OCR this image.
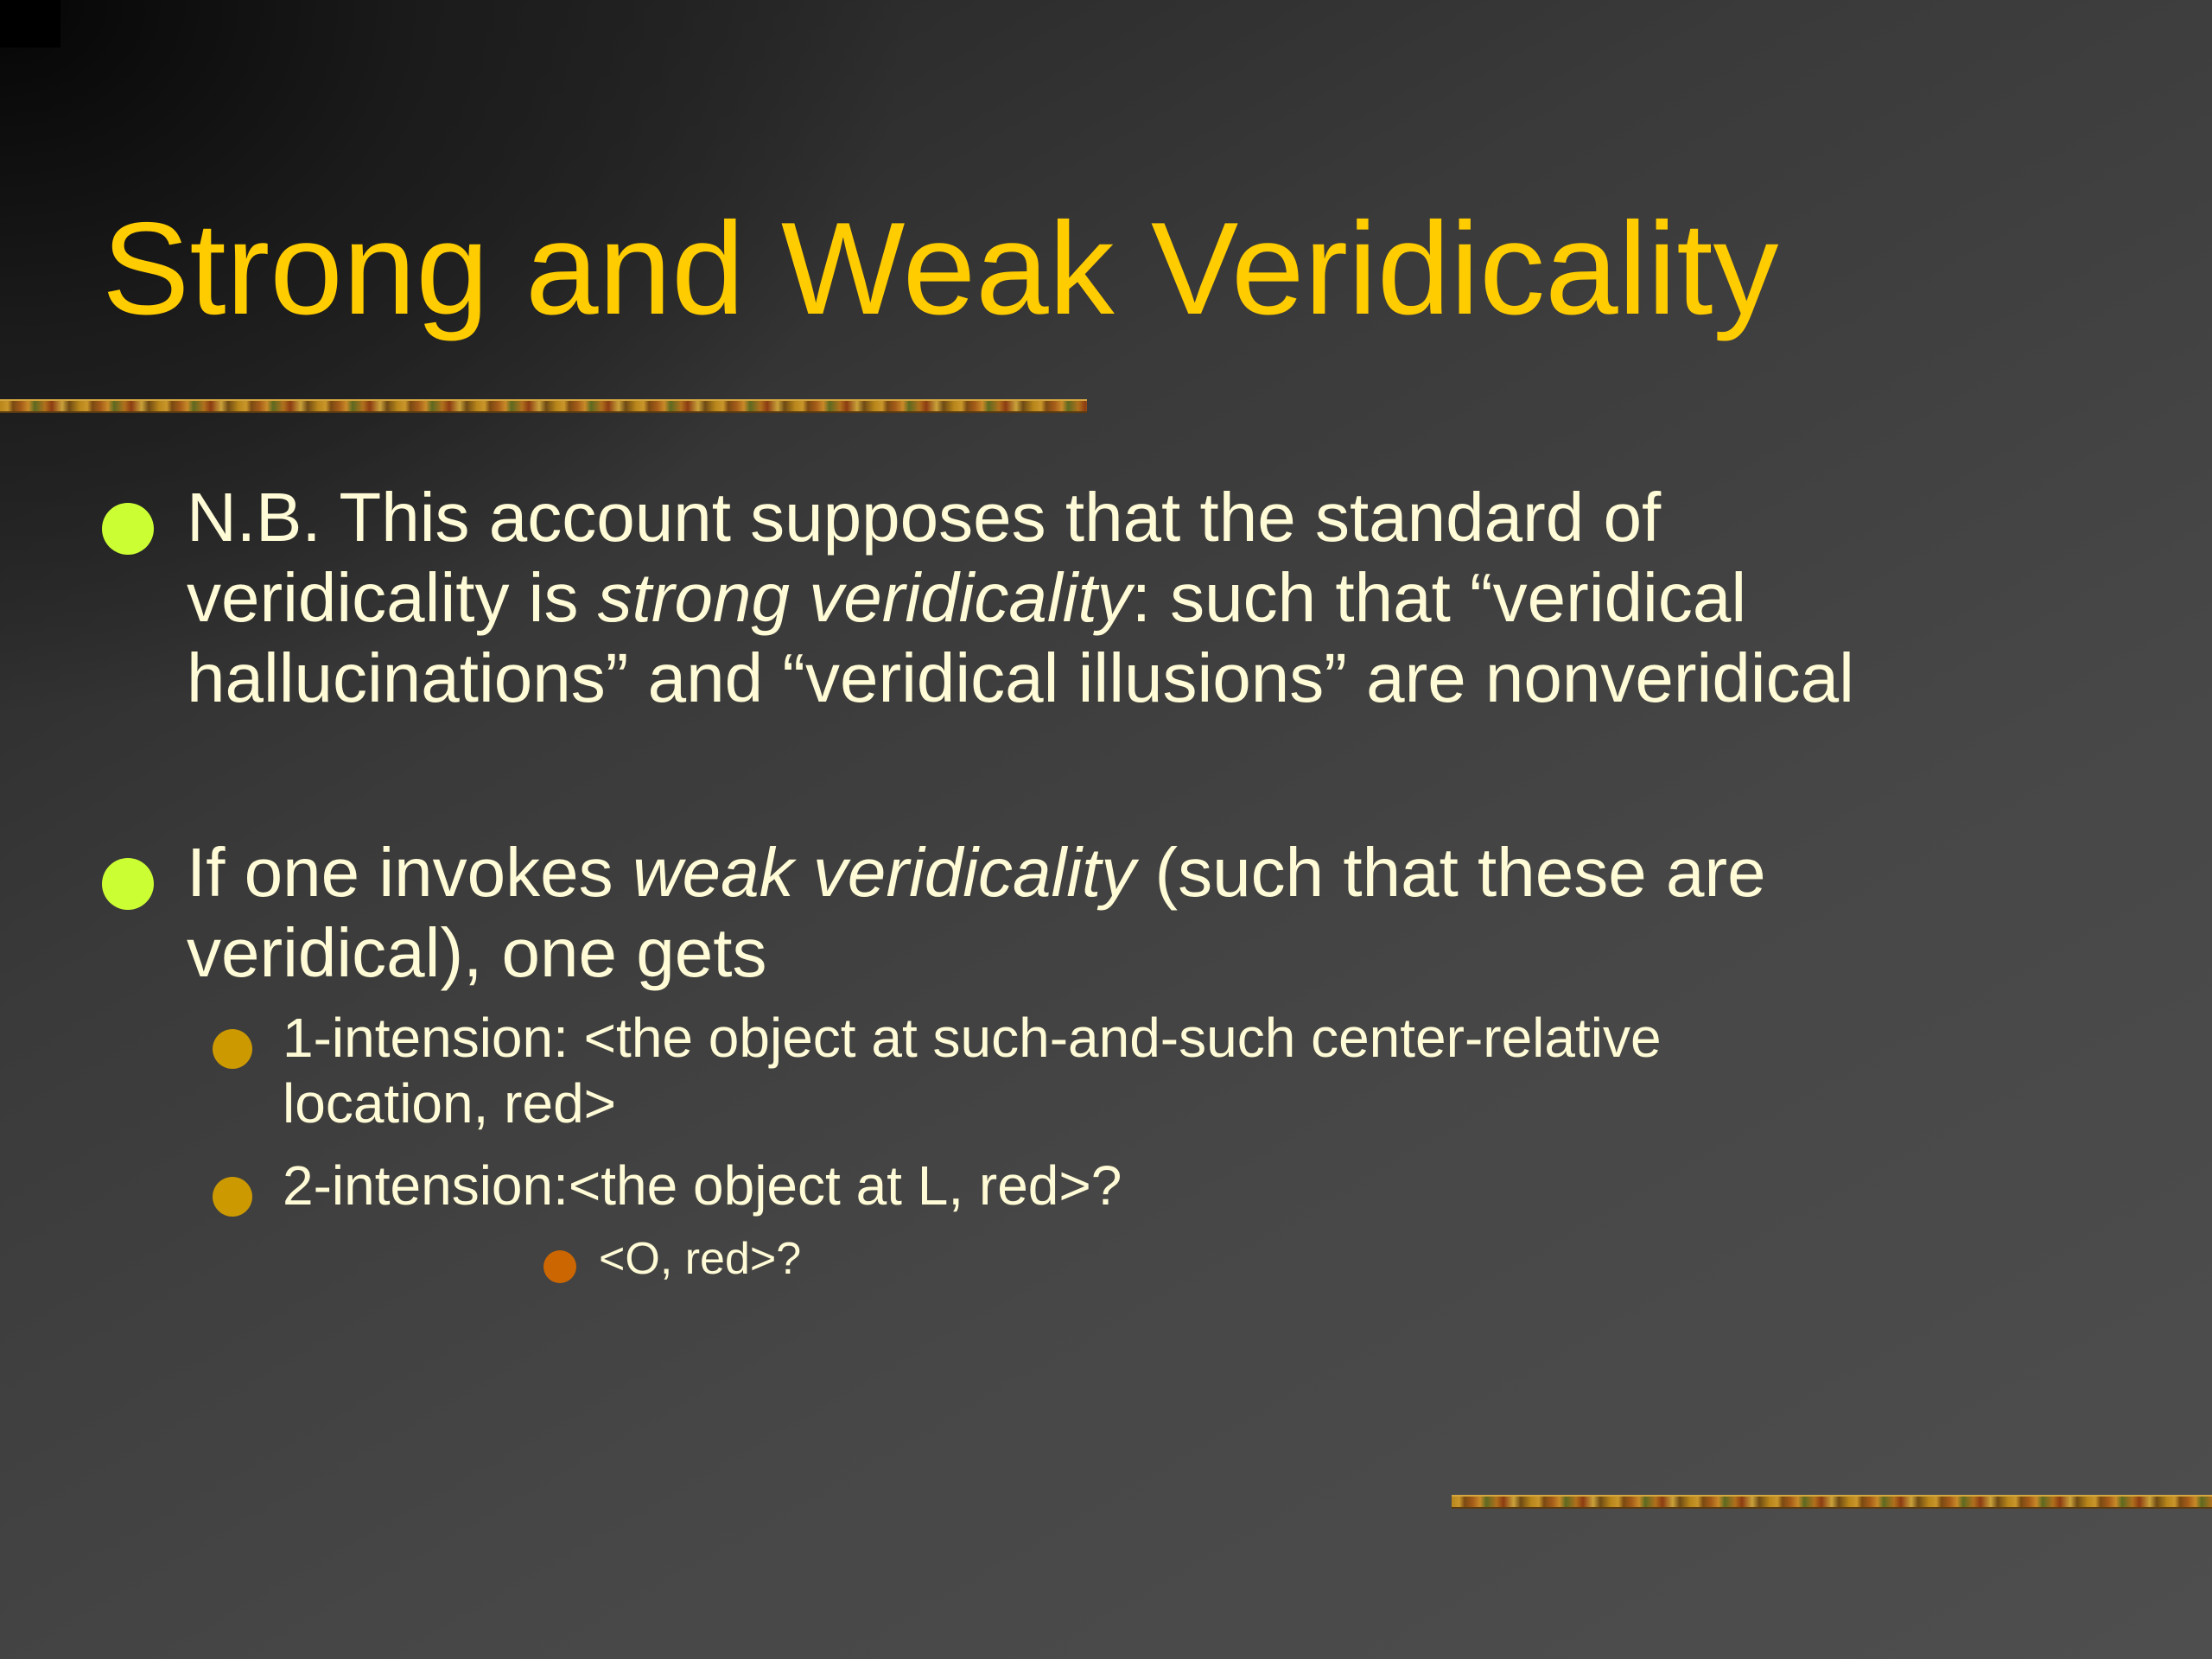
Strong and Weak Veridicality
N.B. This account supposes that the standard of
veridicality is strong veridicality: such that “veridical
hallucinations” and “veridical illusions” are nonveridical
If one invokes weak veridicality (such that these are
veridical), one gets
1-intension: <the object at such-and-such center-relative
location, red>
2-intension:<the object at L, red>?
<O, red>?
